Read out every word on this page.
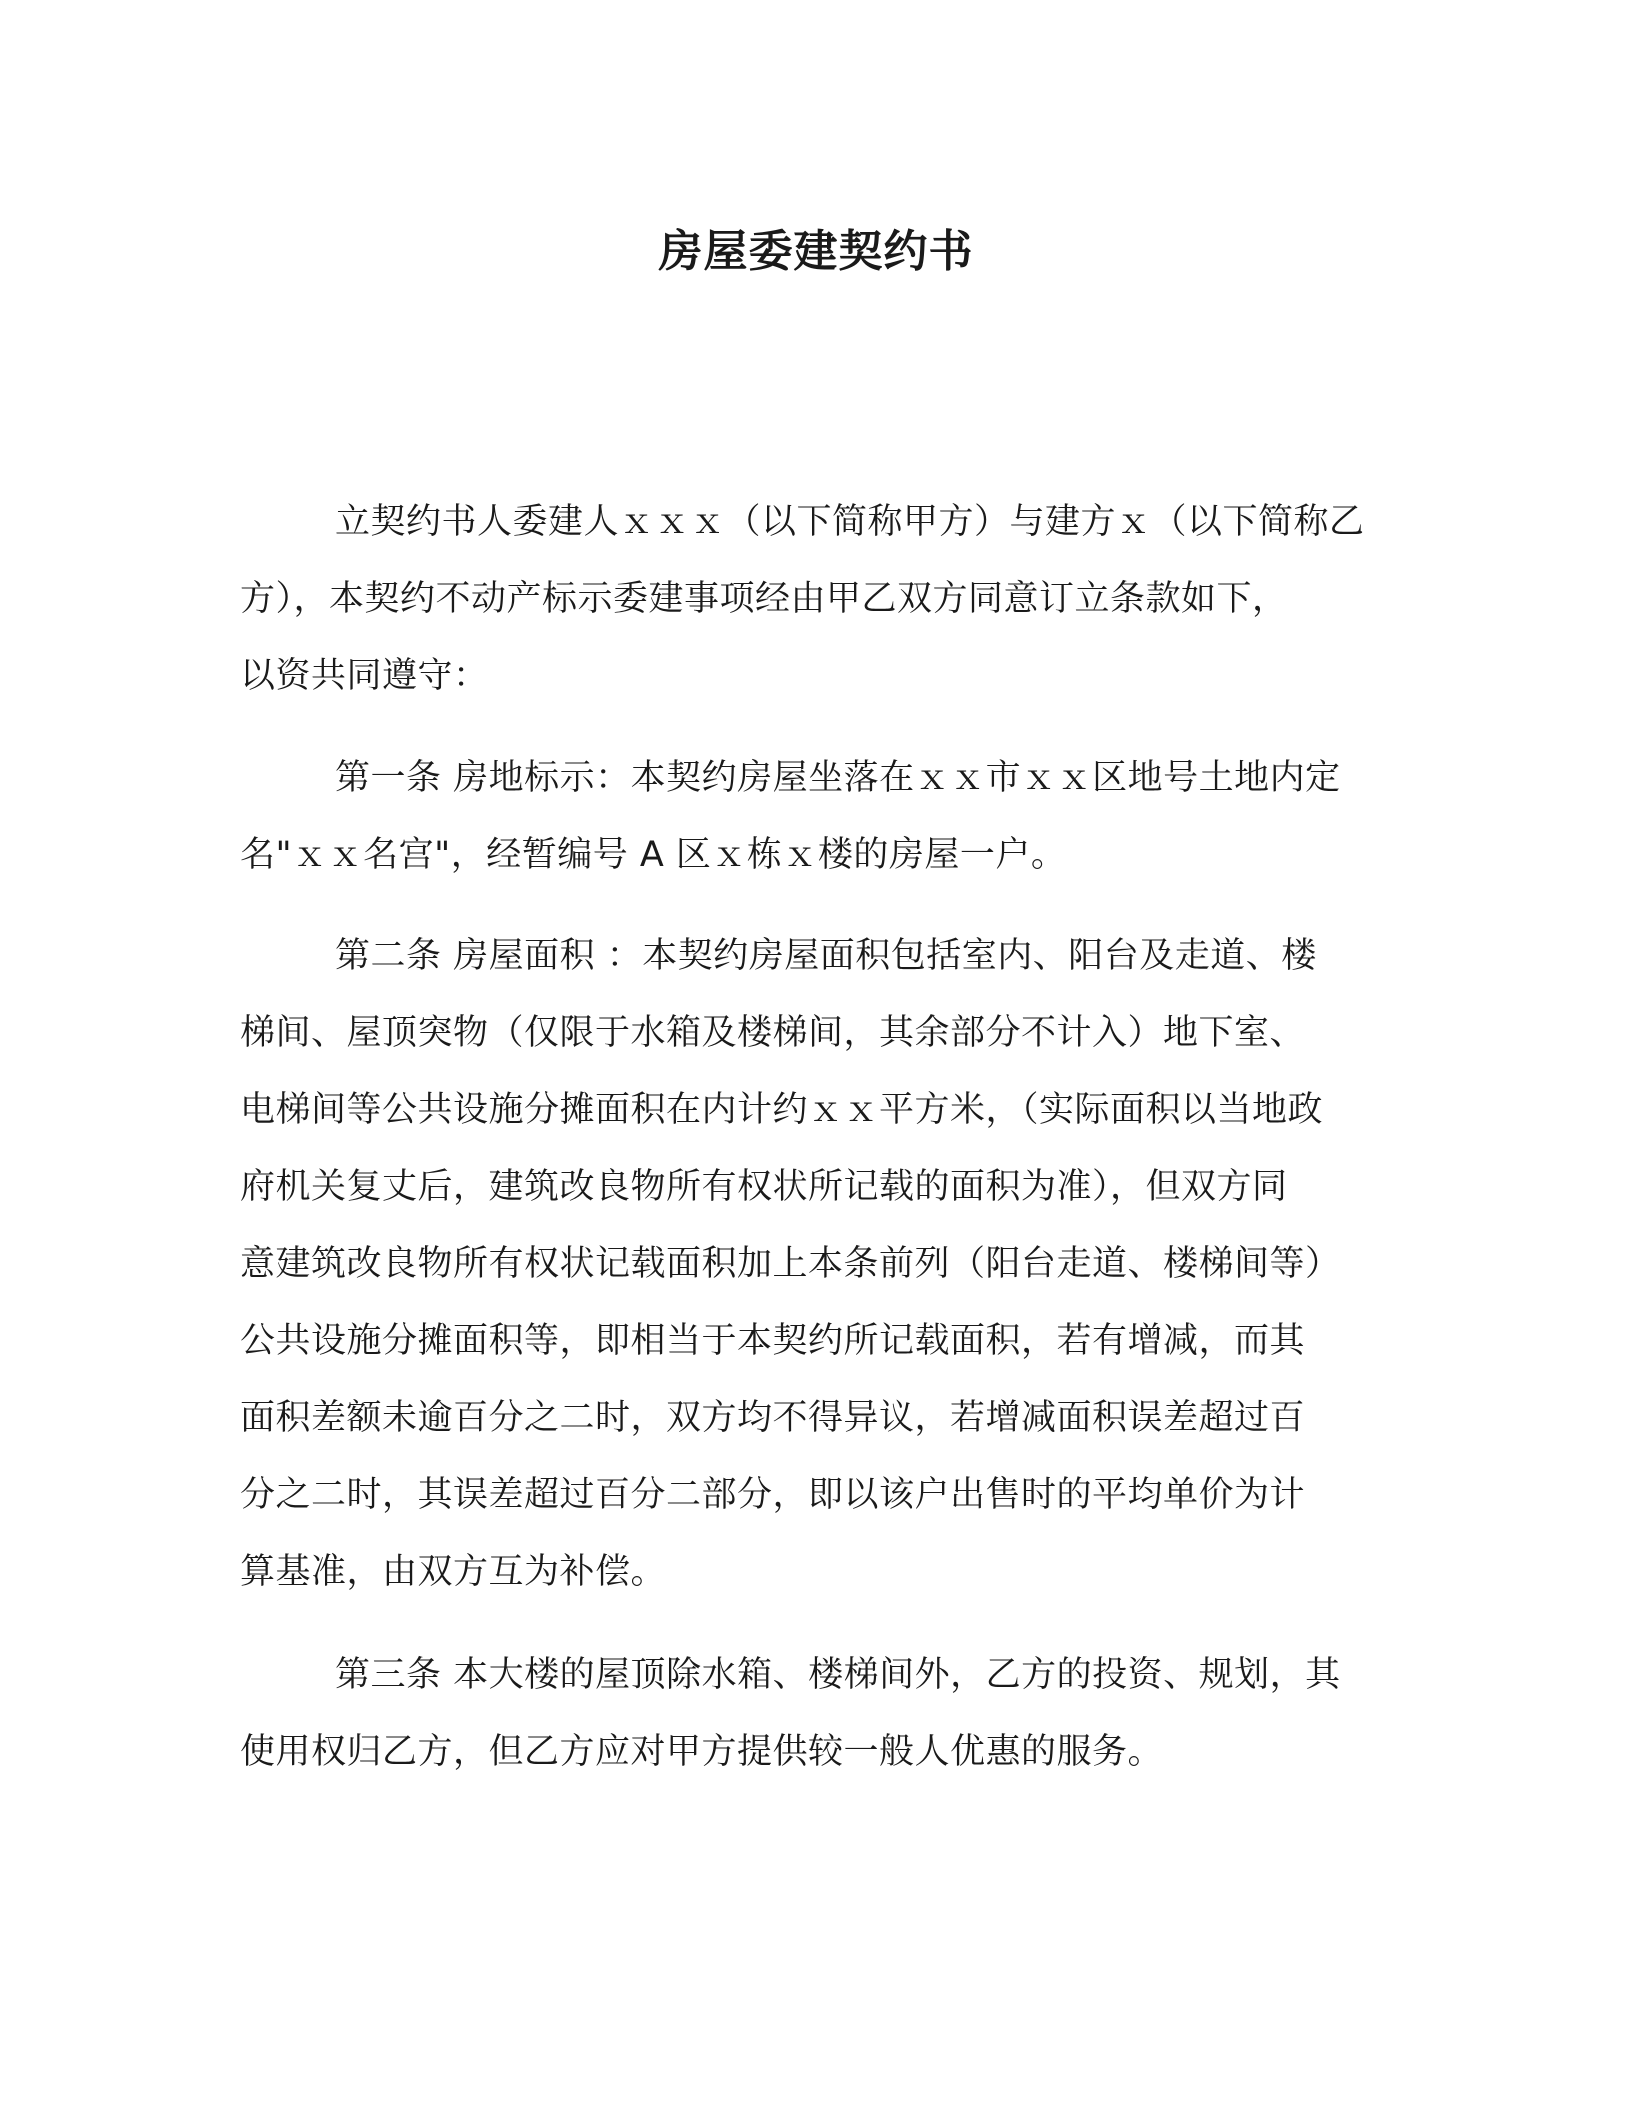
房屋委建契约书

立契约书人委建人ｘｘｘ（以下简称甲方）与建方ｘ（以下简称乙
方），本契约不动产标示委建事项经由甲乙双方同意订立条款如下，
以资共同遵守：

第一条 房地标示：本契约房屋坐落在ｘｘ市ｘｘ区地号土地内定
名"ｘｘ名宫"，经暂编号 A 区ｘ栋ｘ楼的房屋一户。

第二条 房屋面积 ：本契约房屋面积包括室内、阳台及走道、楼
梯间、屋顶突物（仅限于水箱及楼梯间，其余部分不计入）地下室、
电梯间等公共设施分摊面积在内计约ｘｘ平方米，（实际面积以当地政
府机关复丈后，建筑改良物所有权状所记载的面积为准），但双方同
意建筑改良物所有权状记载面积加上本条前列（阳台走道、楼梯间等）
公共设施分摊面积等，即相当于本契约所记载面积，若有增减，而其
面积差额未逾百分之二时，双方均不得异议，若增减面积误差超过百
分之二时，其误差超过百分二部分，即以该户出售时的平均单价为计
算基准，由双方互为补偿。

第三条 本大楼的屋顶除水箱、楼梯间外，乙方的投资、规划，其
使用权归乙方，但乙方应对甲方提供较一般人优惠的服务。
